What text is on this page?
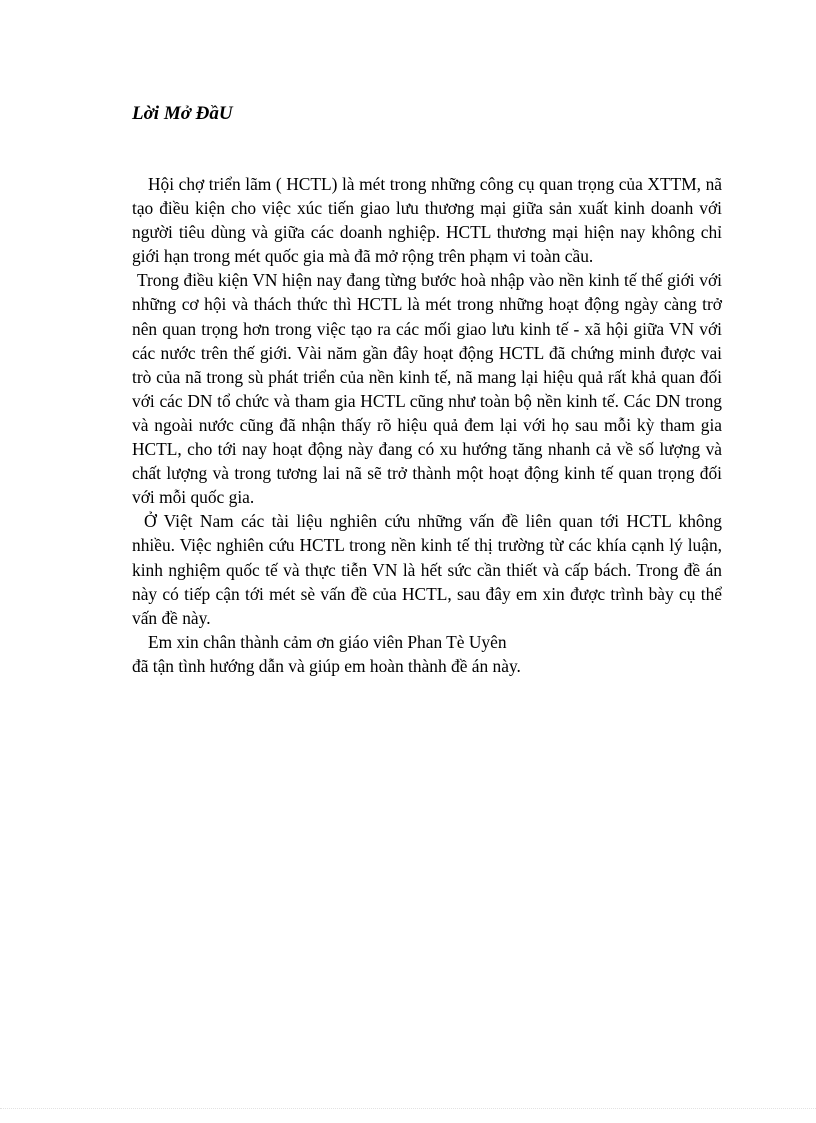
Lời Mở ĐầU

Hội chợ triển lãm ( HCTL) là mét trong những công cụ quan trọng của XTTM, nã tạo điều kiện cho việc xúc tiến giao lưu thương mại giữa sản xuất kinh doanh với người tiêu dùng và giữa các doanh nghiệp. HCTL thương mại hiện nay không chỉ giới hạn trong mét quốc gia mà đã mở rộng trên phạm vi toàn cầu.

Trong điều kiện VN hiện nay đang từng bước hoà nhập vào nền kinh tế thế giới với những cơ hội và thách thức thì HCTL là mét trong những hoạt động ngày càng trở nên quan trọng hơn trong việc tạo ra các mối giao lưu kinh tế - xã hội giữa VN với các nước trên thế giới. Vài năm gần đây hoạt động HCTL đã chứng minh được vai trò của nã trong sù phát triển của nền kinh tế, nã mang lại hiệu quả rất khả quan đối với các DN tổ chức và tham gia HCTL cũng như toàn bộ nền kinh tế. Các DN trong và ngoài nước cũng đã nhận thấy rõ hiệu quả đem lại với họ sau mỗi kỳ tham gia HCTL, cho tới nay hoạt động này đang có xu hướng tăng nhanh cả về số lượng và chất lượng và trong tương lai nã sẽ trở thành một hoạt động kinh tế quan trọng đối với mỗi quốc gia.

Ở Việt Nam các tài liệu nghiên cứu những vấn đề liên quan tới HCTL không nhiều. Việc nghiên cứu HCTL trong nền kinh tế thị trường từ các khía cạnh lý luận, kinh nghiệm quốc tế và thực tiễn VN là hết sức cần thiết và cấp bách. Trong đề án này có tiếp cận tới mét sè vấn đề của HCTL, sau đây em xin được trình bày cụ thể vấn đề này.

Em xin chân thành cảm ơn giáo viên Phan Tè Uyên

đã tận tình hướng dẫn và giúp em hoàn thành đề án này.
